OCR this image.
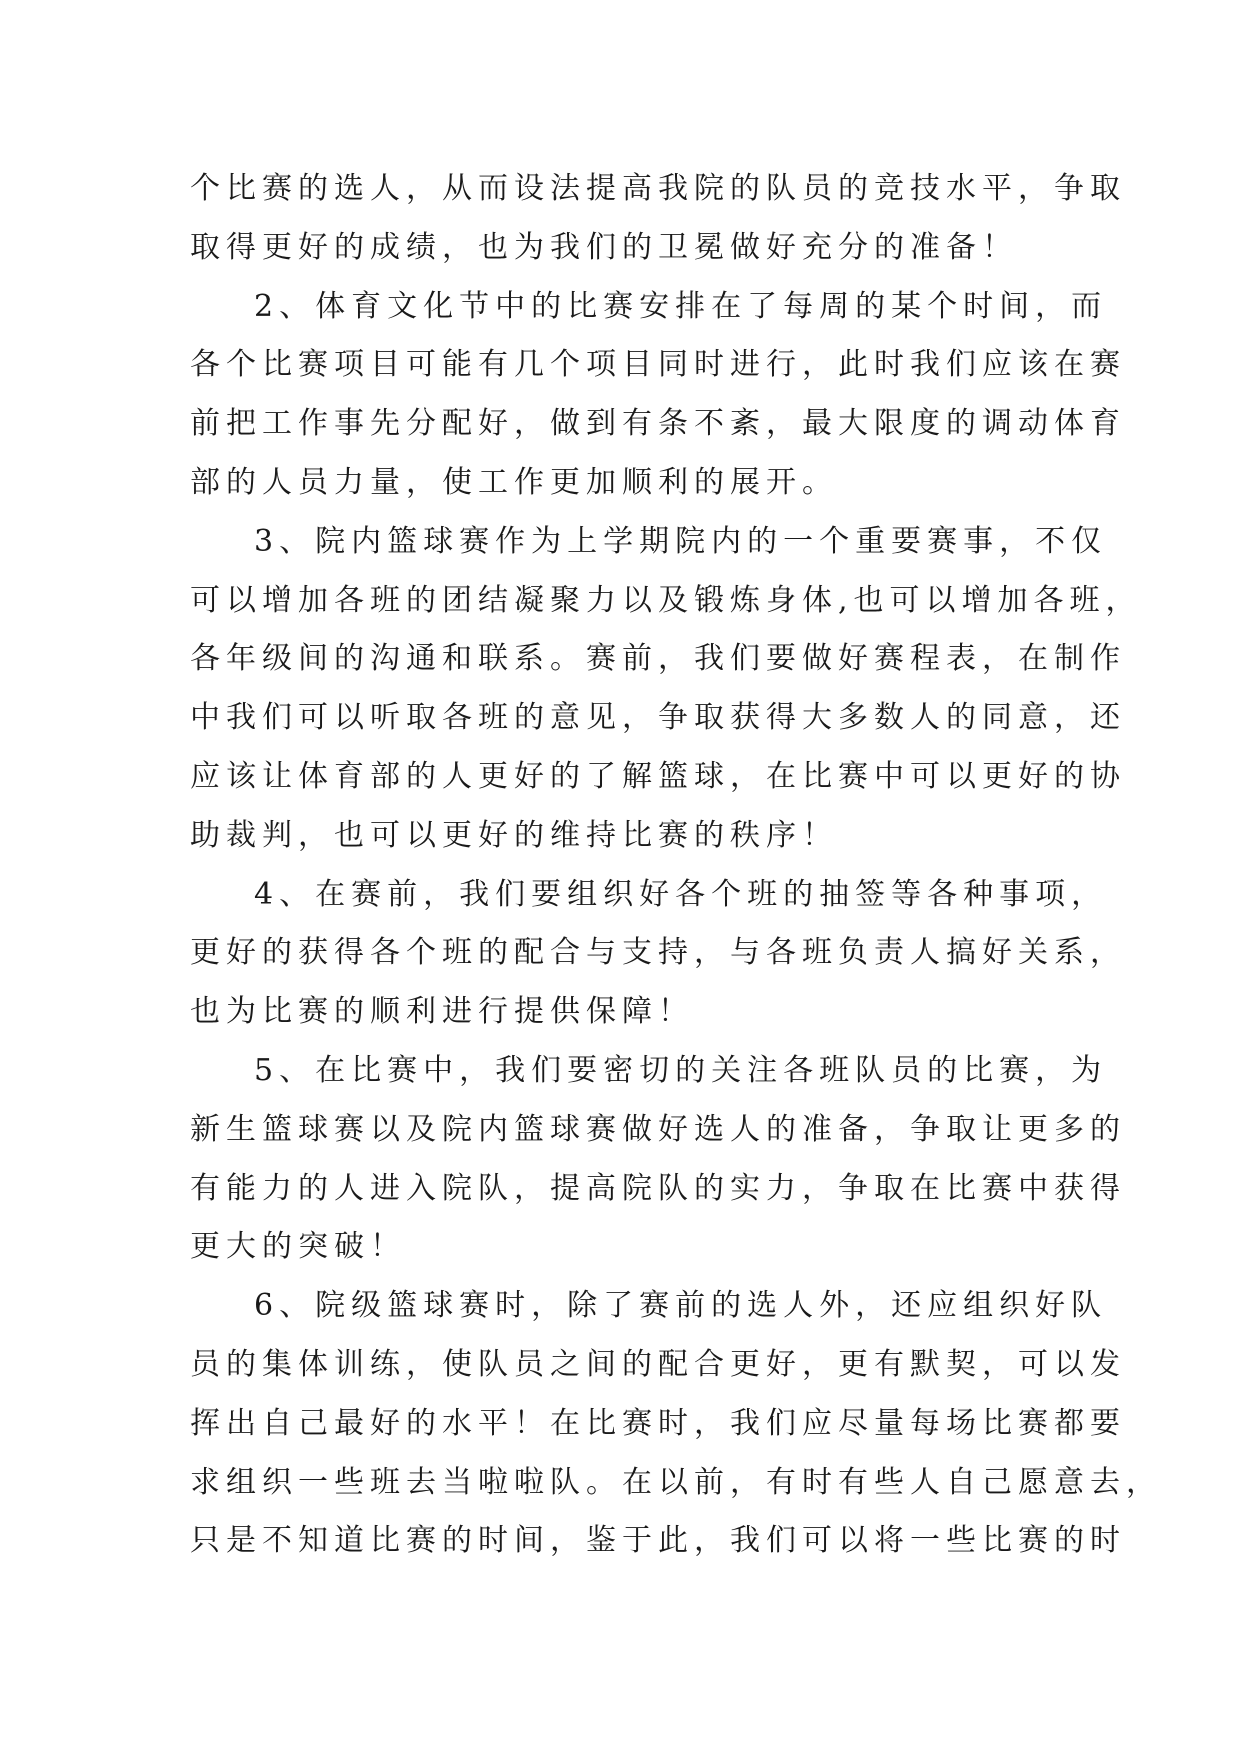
个比赛的选人，从而设法提高我院的队员的竞技水平，争取
取得更好的成绩，也为我们的卫冕做好充分的准备！
2、体育文化节中的比赛安排在了每周的某个时间，而
各个比赛项目可能有几个项目同时进行，此时我们应该在赛
前把工作事先分配好，做到有条不紊，最大限度的调动体育
部的人员力量，使工作更加顺利的展开。
3、院内篮球赛作为上学期院内的一个重要赛事，不仅
可以增加各班的团结凝聚力以及锻炼身体,也可以增加各班，
各年级间的沟通和联系。赛前，我们要做好赛程表，在制作
中我们可以听取各班的意见，争取获得大多数人的同意，还
应该让体育部的人更好的了解篮球，在比赛中可以更好的协
助裁判，也可以更好的维持比赛的秩序！
4、在赛前，我们要组织好各个班的抽签等各种事项，
更好的获得各个班的配合与支持，与各班负责人搞好关系，
也为比赛的顺利进行提供保障！
5、在比赛中，我们要密切的关注各班队员的比赛，为
新生篮球赛以及院内篮球赛做好选人的准备，争取让更多的
有能力的人进入院队，提高院队的实力，争取在比赛中获得
更大的突破！
6、院级篮球赛时，除了赛前的选人外，还应组织好队
员的集体训练，使队员之间的配合更好，更有默契，可以发
挥出自己最好的水平！在比赛时，我们应尽量每场比赛都要
求组织一些班去当啦啦队。在以前，有时有些人自己愿意去，
只是不知道比赛的时间，鉴于此，我们可以将一些比赛的时
